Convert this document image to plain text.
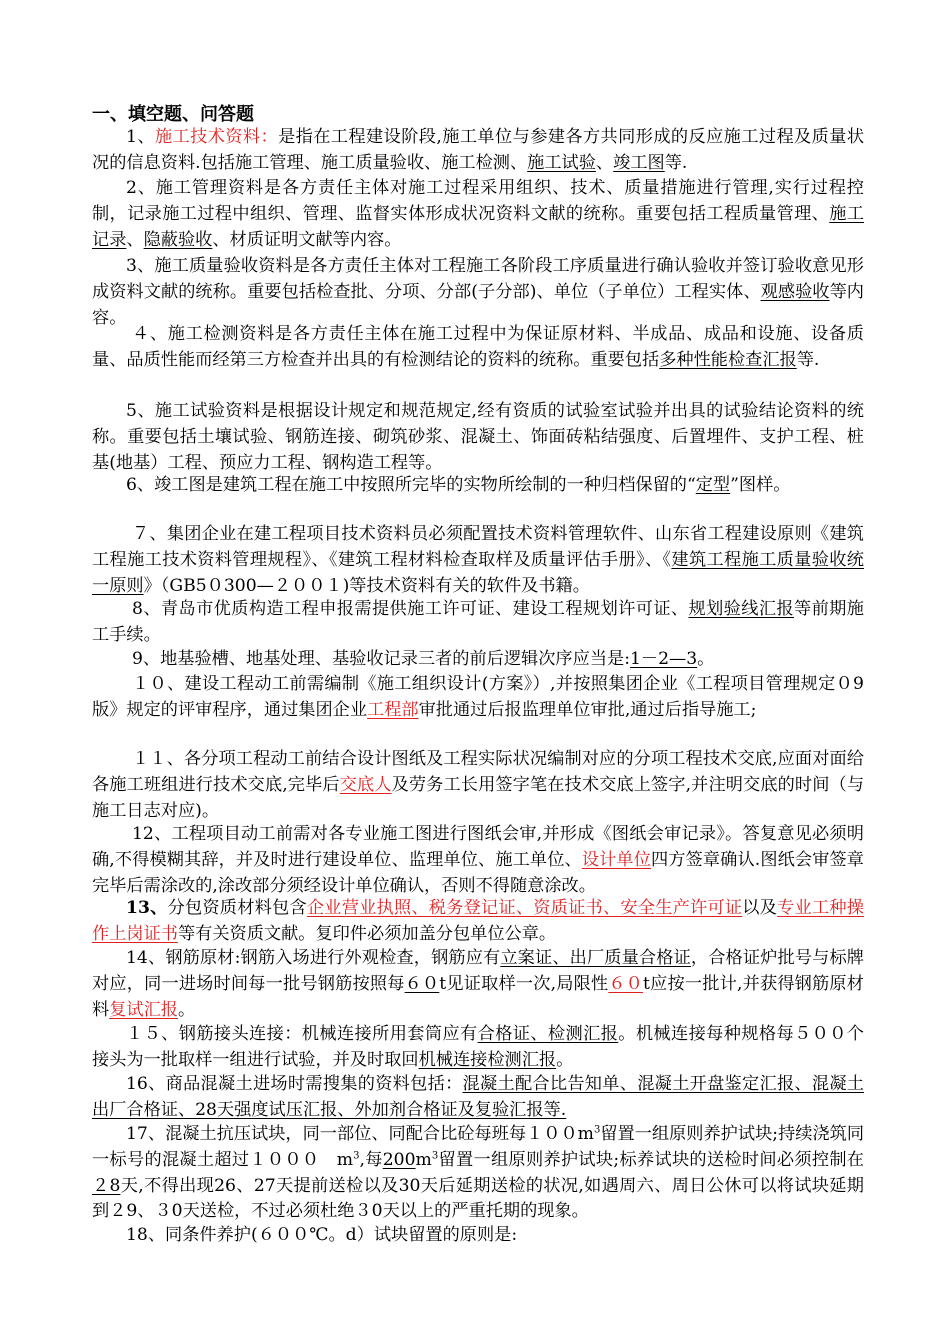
一、填空题、问答题

1、施工技术资料：是指在工程建设阶段,施工单位与参建各方共同形成的反应施工过程及质量状况的信息资料.包括施工管理、施工质量验收、施工检测、施工试验、竣工图等.

2、施工管理资料是各方责任主体对施工过程采用组织、技术、质量措施进行管理,实行过程控制，记录施工过程中组织、管理、监督实体形成状况资料文献的统称。重要包括工程质量管理、施工记录、隐蔽验收、材质证明文献等内容。

3、施工质量验收资料是各方责任主体对工程施工各阶段工序质量进行确认验收并签订验收意见形成资料文献的统称。重要包括检查批、分项、分部(子分部)、单位（子单位）工程实体、观感验收等内容。

４、施工检测资料是各方责任主体在施工过程中为保证原材料、半成品、成品和设施、设备质量、品质性能而经第三方检查并出具的有检测结论的资料的统称。重要包括多种性能检查汇报等.

5、施工试验资料是根据设计规定和规范规定,经有资质的试验室试验并出具的试验结论资料的统称。重要包括土壤试验、钢筋连接、砌筑砂浆、混凝土、饰面砖粘结强度、后置埋件、支护工程、桩基(地基）工程、预应力工程、钢构造工程等。

6、竣工图是建筑工程在施工中按照所完毕的实物所绘制的一种归档保留的“定型”图样。

７、集团企业在建工程项目技术资料员必须配置技术资料管理软件、山东省工程建设原则《建筑工程施工技术资料管理规程》、《建筑工程材料检查取样及质量评估手册》、《建筑工程施工质量验收统一原则》（GB5０300—２００１)等技术资料有关的软件及书籍。

8、青岛市优质构造工程申报需提供施工许可证、建设工程规划许可证、规划验线汇报等前期施工手续。

9、地基验槽、地基处理、基验收记录三者的前后逻辑次序应当是:1－2—3。

１０、建设工程动工前需编制《施工组织设计(方案》）,并按照集团企业《工程项目管理规定０9版》规定的评审程序，通过集团企业工程部审批通过后报监理单位审批,通过后指导施工;

１１、各分项工程动工前结合设计图纸及工程实际状况编制对应的分项工程技术交底,应面对面给各施工班组进行技术交底,完毕后交底人及劳务工长用签字笔在技术交底上签字,并注明交底的时间（与施工日志对应)。

12、工程项目动工前需对各专业施工图进行图纸会审,并形成《图纸会审记录》。答复意见必须明确,不得模糊其辞，并及时进行建设单位、监理单位、施工单位、设计单位四方签章确认.图纸会审签章完毕后需涂改的,涂改部分须经设计单位确认，否则不得随意涂改。

13、分包资质材料包含企业营业执照、税务登记证、资质证书、安全生产许可证以及专业工种操作上岗证书等有关资质文献。复印件必须加盖分包单位公章。

14、钢筋原材:钢筋入场进行外观检查，钢筋应有立案证、出厂质量合格证，合格证炉批号与标牌对应，同一进场时间每一批号钢筋按照每６０t见证取样一次,局限性６０t应按一批计,并获得钢筋原材料复试汇报。

１５、钢筋接头连接：机械连接所用套筒应有合格证、检测汇报。机械连接每种规格每５００个接头为一批取样一组进行试验，并及时取回机械连接检测汇报。

16、商品混凝土进场时需搜集的资料包括：混凝土配合比告知单、混凝土开盘鉴定汇报、混凝土出厂合格证、28天强度试压汇报、外加剂合格证及复验汇报等.

17、混凝土抗压试块，同一部位、同配合比砼每班每$100m^3$留置一组原则养护试块;持续浇筑同一标号的混凝土超过１０００　$m^3$,每$200m^3$留置一组原则养护试块;标养试块的送检时间必须控制在２8天,不得出现26、27天提前送检以及30天后延期送检的状况,如遇周六、周日公休可以将试块延期到２9、３0天送检，不过必须杜绝３0天以上的严重托期的现象。

18、同条件养护(６００℃。d）试块留置的原则是:
